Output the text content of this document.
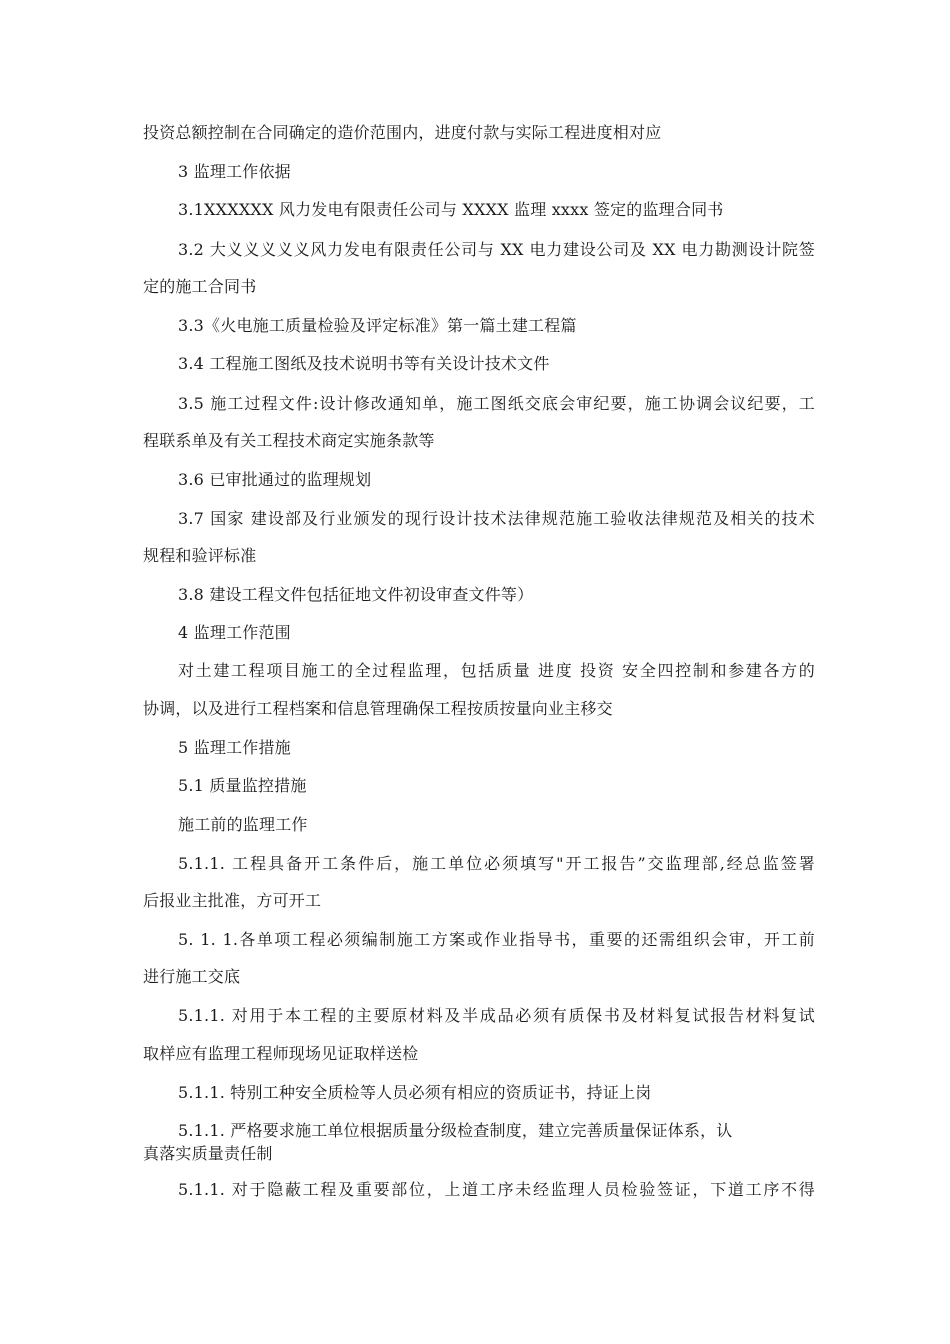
投资总额控制在合同确定的造价范围内，进度付款与实际工程进度相对应
3 监理工作依据
3.1XXXXXX 风力发电有限责任公司与 XXXX 监理 xxxx 签定的监理合同书
3.2 大义义义义义风力发电有限责任公司与 XX 电力建设公司及 XX 电力勘测设计院签
定的施工合同书
3.3《火电施工质量检验及评定标准》第一篇土建工程篇
3.4 工程施工图纸及技术说明书等有关设计技术文件
3.5 施工过程文件:设计修改通知单，施工图纸交底会审纪要，施工协调会议纪要，工
程联系单及有关工程技术商定实施条款等
3.6 已审批通过的监理规划
3.7 国家 建设部及行业颁发的现行设计技术法律规范施工验收法律规范及相关的技术
规程和验评标准
3.8 建设工程文件包括征地文件初设审查文件等）
4 监理工作范围
对土建工程项目施工的全过程监理，包括质量 进度 投资 安全四控制和参建各方的
协调，以及进行工程档案和信息管理确保工程按质按量向业主移交
5 监理工作措施
5.1 质量监控措施
施工前的监理工作
5.1.1. 工程具备开工条件后，施工单位必须填写"开工报告”交监理部,经总监签署
后报业主批准，方可开工
5. 1. 1.各单项工程必须编制施工方案或作业指导书，重要的还需组织会审，开工前
进行施工交底
5.1.1. 对用于本工程的主要原材料及半成品必须有质保书及材料复试报告材料复试
取样应有监理工程师现场见证取样送检
5.1.1. 特别工种安全质检等人员必须有相应的资质证书，持证上岗
5.1.1. 严格要求施工单位根据质量分级检查制度，建立完善质量保证体系，认
真落实质量责任制
5.1.1. 对于隐蔽工程及重要部位，上道工序未经监理人员检验签证，下道工序不得
